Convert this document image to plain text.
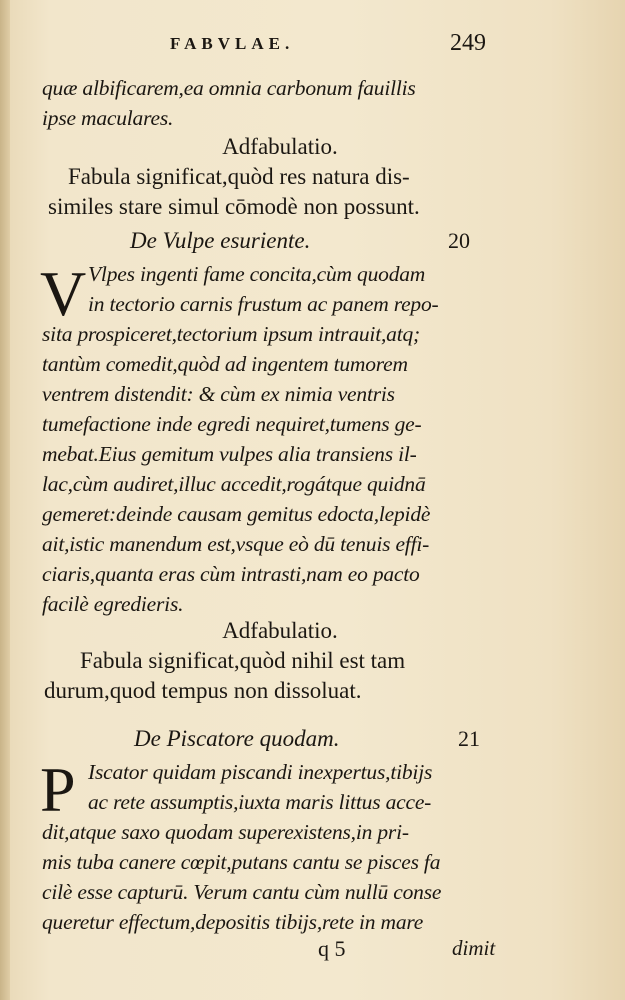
FABVLAE.	249
quæ albificarem,ea omnia carbonum fauillis
ipse maculares.
Adfabulatio.
Fabula significat,quòd res natura dis-
similes stare simul cōmodè non possunt.
De Vulpe esuriente.	20
V Vlpes ingenti fame concita,cùm quodam
in tectorio carnis frustum ac panem repo-
sita prospiceret,tectorium ipsum intrauit,atq;
tantùm comedit,quòd ad ingentem tumorem
ventrem distendit: & cùm ex nimia ventris
tumefactione inde egredi nequiret,tumens ge-
mebat.Eius gemitum vulpes alia transiens il-
lac,cùm audiret,illuc accedit,rogátque quidnā
gemeret:deinde causam gemitus edocta,lepidè
ait,istic manendum est,vsque eò dū tenuis effi-
ciaris,quanta eras cùm intrasti,nam eo pacto
facilè egredieris.
Adfabulatio.
Fabula significat,quòd nihil est tam
durum,quod tempus non dissoluat.
De Piscatore quodam.	21
P Iscator quidam piscandi inexpertus,tibijs
ac rete assumptis,iuxta maris littus acce-
dit,atque saxo quodam superexistens,in pri-
mis tuba canere cœpit,putans cantu se pisces fa
cilè esse capturū. Verum cantu cùm nullū conse
queretur effectum,depositis tibijs,rete in mare
q 5	dimit
